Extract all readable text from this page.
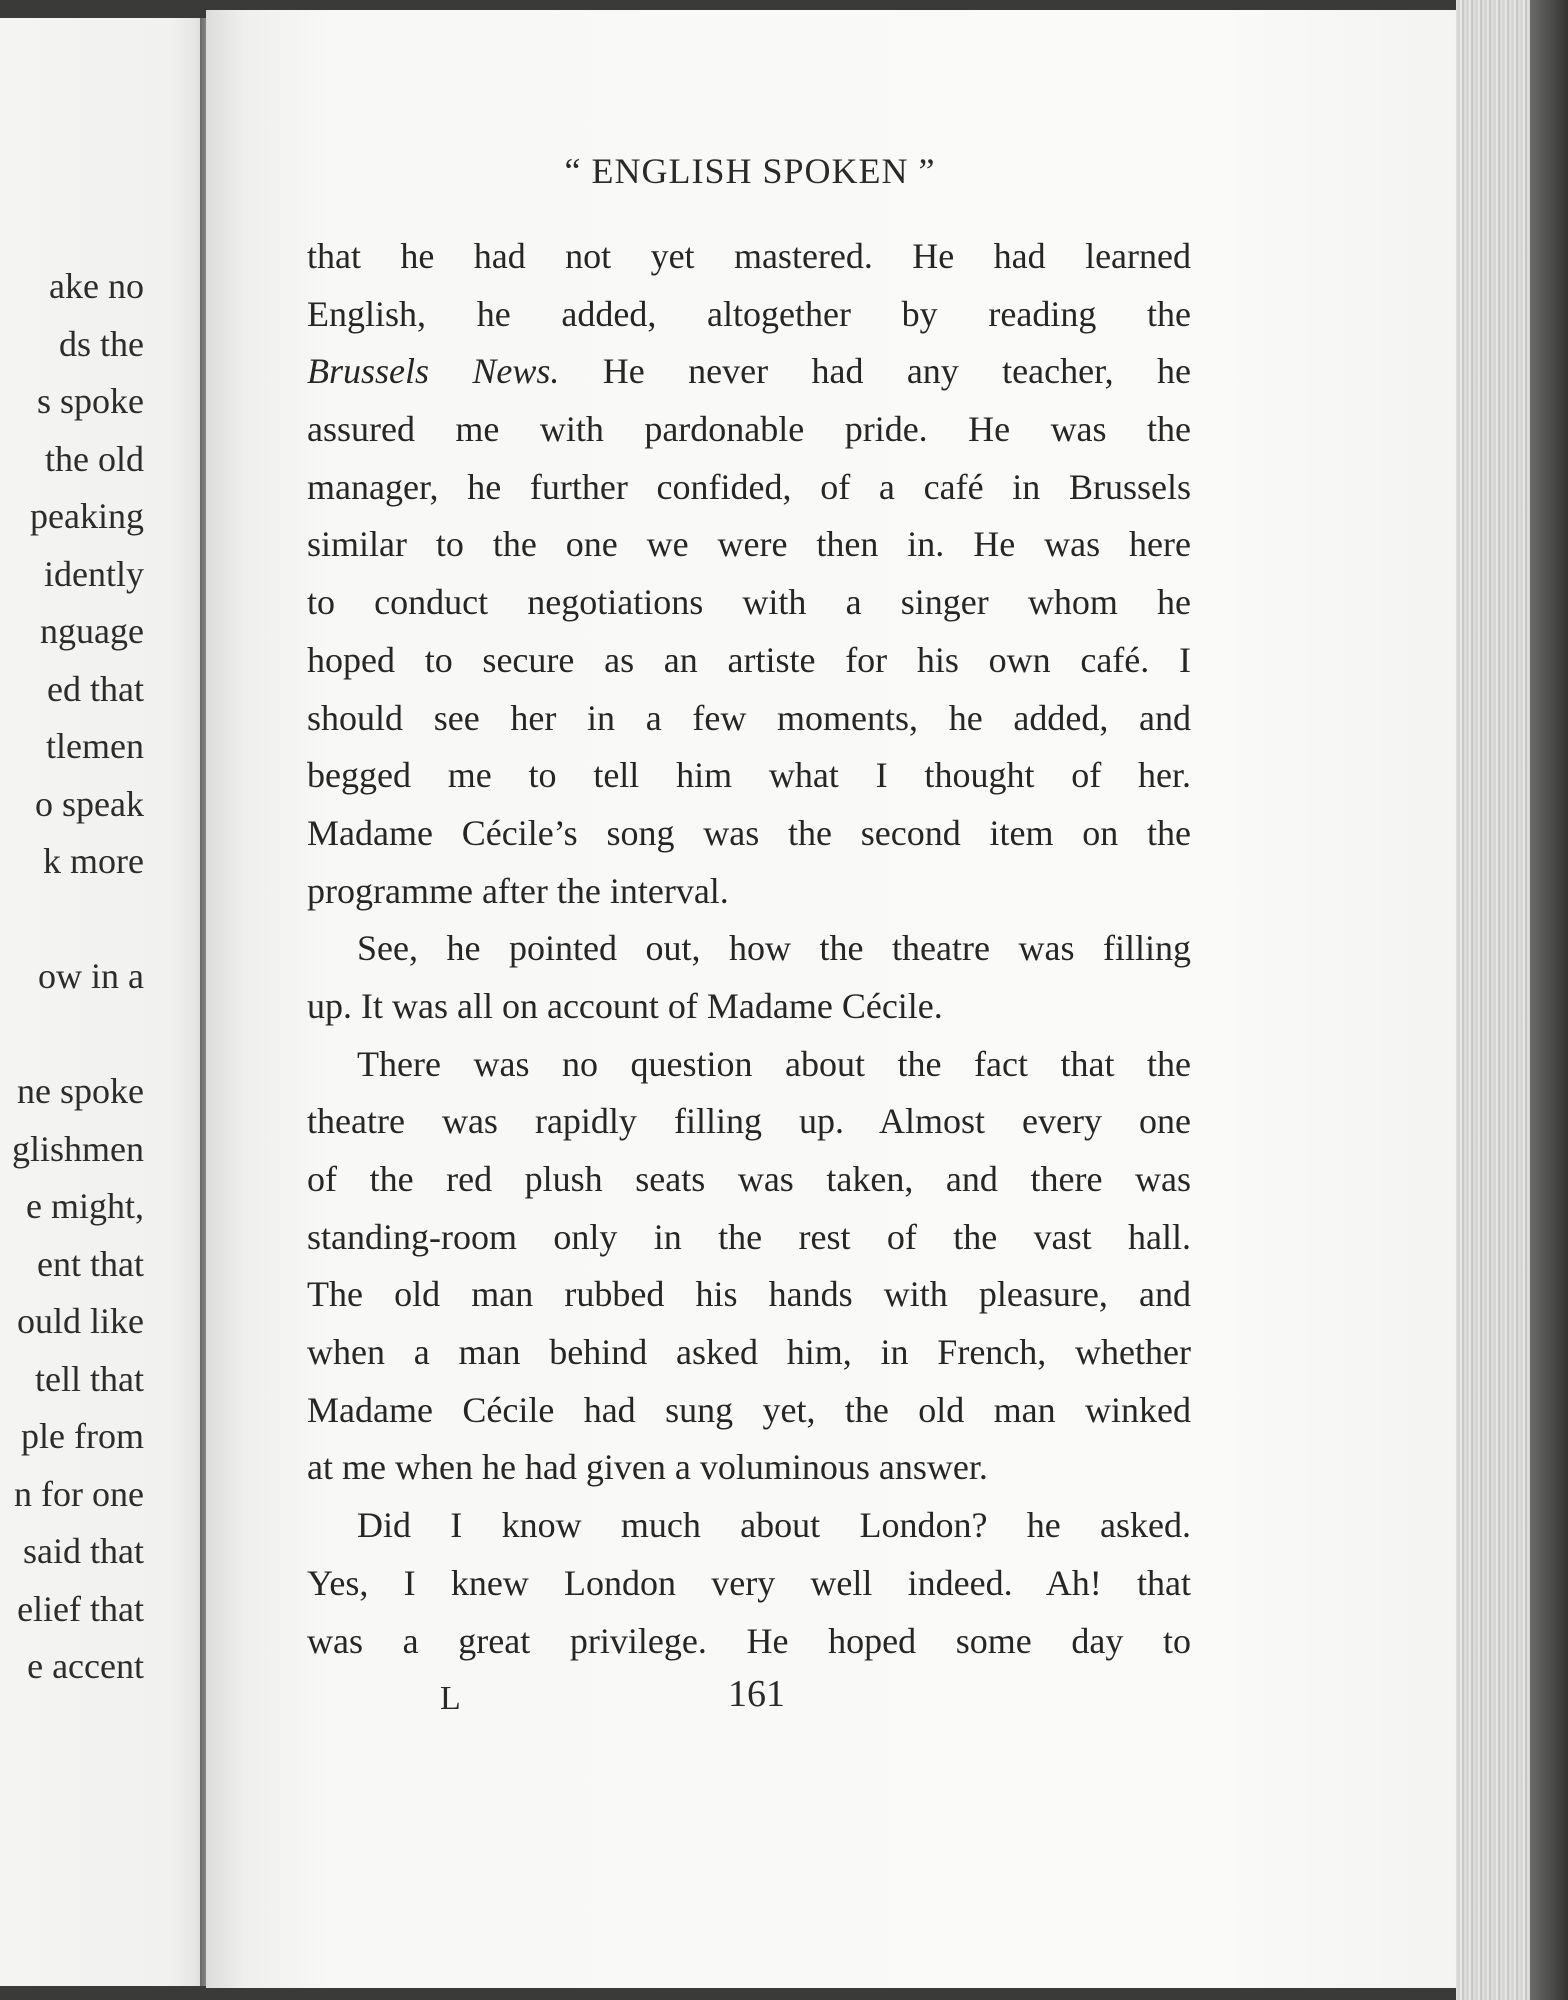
ake no
ds the
s spoke
the old
peaking
idently
nguage
ed that
tlemen
o speak
k more
ow in a
ne spoke
glishmen
e might,
ent that
ould like
tell that
ple from
n for one
said that
elief that
e accent
“ ENGLISH SPOKEN ”
that he had not yet mastered. He had learned
English, he added, altogether by reading the
Brussels News. He never had any teacher, he
assured me with pardonable pride. He was the
manager, he further confided, of a café in Brussels
similar to the one we were then in. He was here
to conduct negotiations with a singer whom he
hoped to secure as an artiste for his own café. I
should see her in a few moments, he added, and
begged me to tell him what I thought of her.
Madame Cécile’s song was the second item on the
programme after the interval.
See, he pointed out, how the theatre was filling
up. It was all on account of Madame Cécile.
There was no question about the fact that the
theatre was rapidly filling up. Almost every one
of the red plush seats was taken, and there was
standing-room only in the rest of the vast hall.
The old man rubbed his hands with pleasure, and
when a man behind asked him, in French, whether
Madame Cécile had sung yet, the old man winked
at me when he had given a voluminous answer.
Did I know much about London? he asked.
Yes, I knew London very well indeed. Ah! that
was a great privilege. He hoped some day to
L	161
